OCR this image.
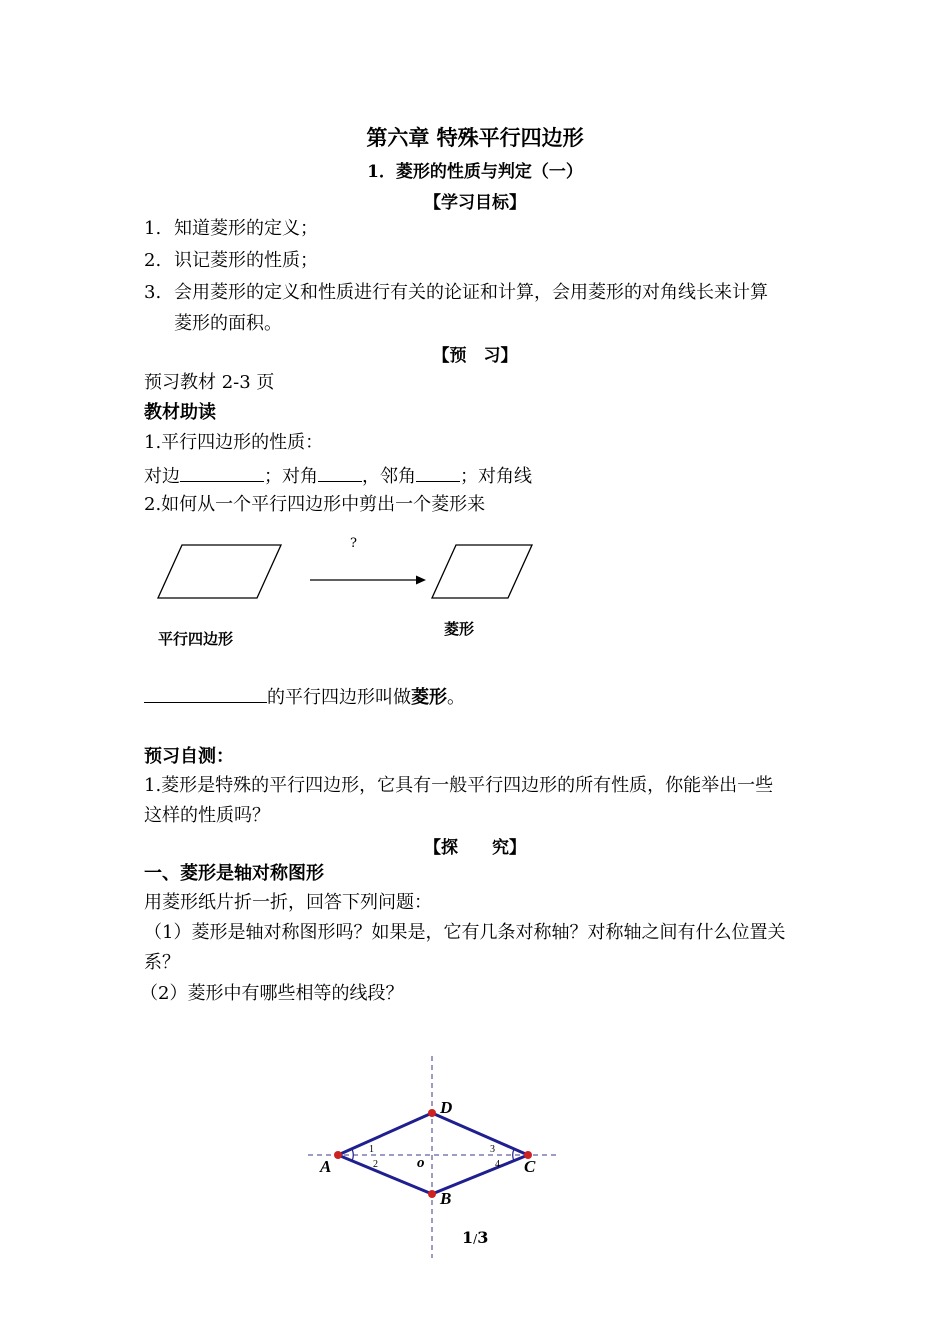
第六章 特殊平行四边形
1．菱形的性质与判定（一）
【学习目标】
1. 知道菱形的定义；
2. 识记菱形的性质；
3. 会用菱形的定义和性质进行有关的论证和计算，会用菱形的对角线长来计算
菱形的面积。
【预　习】
预习教材 2-3 页
教材助读
1.平行四边形的性质：
对边	；对角 ，邻角 ；对角线
2.如何从一个平行四边形中剪出一个菱形来
?
平行四边形
菱形
的平行四边形叫做菱形。
预习自测：
1.菱形是特殊的平行四边形，它具有一般平行四边形的所有性质，你能举出一些
这样的性质吗？
【探　　究】
一、菱形是轴对称图形
用菱形纸片折一折，回答下列问题：
（1）菱形是轴对称图形吗？如果是，它有几条对称轴？对称轴之间有什么位置关
系？
（2）菱形中有哪些相等的线段？
A
B
C
D
o
1
2
3
4
1/3
